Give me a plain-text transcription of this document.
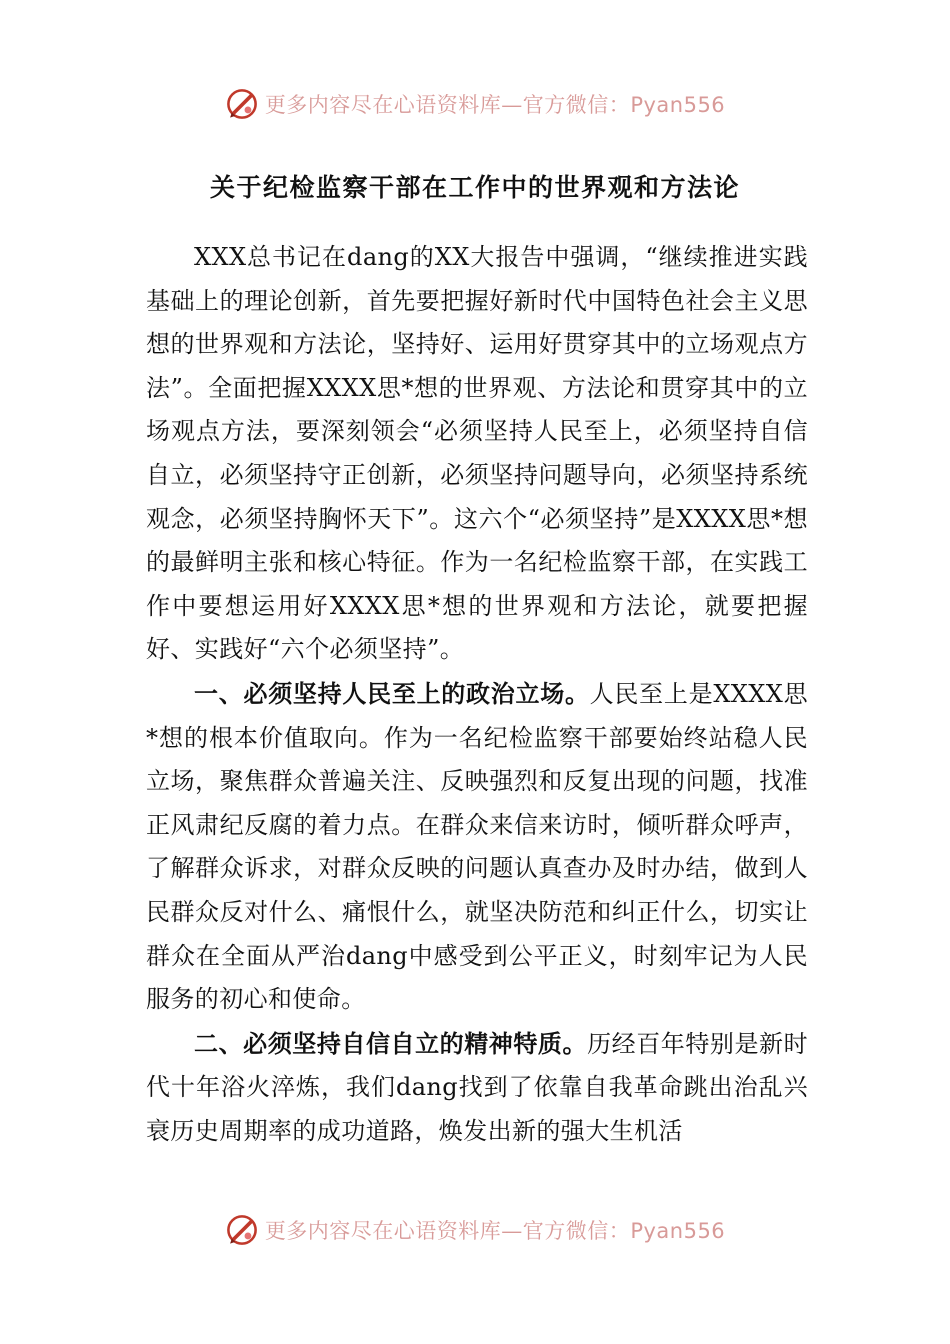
更多内容尽在心语资料库—官方微信：Pyan556
关于纪检监察干部在工作中的世界观和方法论

XXX总书记在dang的XX大报告中强调，“继续推进实践基础上的理论创新，首先要把握好新时代中国特色社会主义思想的世界观和方法论，坚持好、运用好贯穿其中的立场观点方法”。全面把握XXXX思*想的世界观、方法论和贯穿其中的立场观点方法，要深刻领会“必须坚持人民至上，必须坚持自信自立，必须坚持守正创新，必须坚持问题导向，必须坚持系统观念，必须坚持胸怀天下”。这六个“必须坚持”是XXXX思*想的最鲜明主张和核心特征。作为一名纪检监察干部，在实践工作中要想运用好XXXX思*想的世界观和方法论，就要把握好、实践好“六个必须坚持”。

一、必须坚持人民至上的政治立场。人民至上是XXXX思*想的根本价值取向。作为一名纪检监察干部要始终站稳人民立场，聚焦群众普遍关注、反映强烈和反复出现的问题，找准正风肃纪反腐的着力点。在群众来信来访时，倾听群众呼声，了解群众诉求，对群众反映的问题认真查办及时办结，做到人民群众反对什么、痛恨什么，就坚决防范和纠正什么，切实让群众在全面从严治dang中感受到公平正义，时刻牢记为人民服务的初心和使命。

二、必须坚持自信自立的精神特质。历经百年特别是新时代十年浴火淬炼，我们dang找到了依靠自我革命跳出治乱兴衰历史周期率的成功道路，焕发出新的强大生机活

更多内容尽在心语资料库—官方微信：Pyan556
